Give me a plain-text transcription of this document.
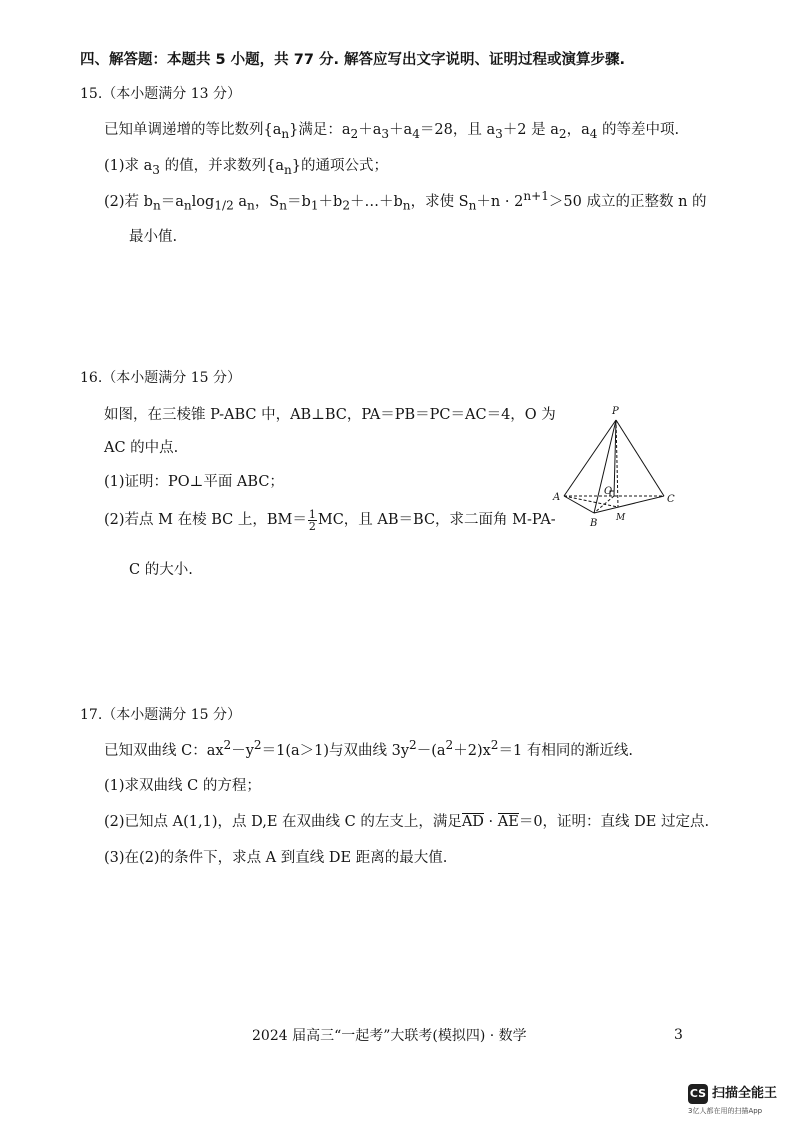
四、解答题：本题共 5 小题，共 77 分. 解答应写出文字说明、证明过程或演算步骤.
15.（本小题满分 13 分）
已知单调递增的等比数列$\{a_n\}$满足：$a_2+a_3+a_4=28$，且 $a_3+2$ 是 $a_2$，$a_4$ 的等差中项.
(1)求 $a_3$ 的值，并求数列$\{a_n\}$的通项公式；
(2)若 $b_n=a_n\log_{1/2}$ $a_n$，$S_n=b_1+b_2+\dots+b_n$，求使 $S_n+n \cdot 2^{n+1}>50$ 成立的正整数 n 的
最小值.
16.（本小题满分 15 分）
如图，在三棱锥 P-ABC 中，AB⊥BC，PA＝PB＝PC＝AC＝4，O 为
AC 的中点.
(1)证明：PO⊥平面 ABC；
(2)若点 M 在棱 BC 上，$BM= \frac{1}{2}$ MC，且 AB＝BC，求二面角 M-PA-
C 的大小.
P
A
B
C
O
M
17.（本小题满分 15 分）
已知双曲线 C：$ax^2-y^2=1(a>1)$与双曲线 $3y^2-(a^2+2)x^2=1$ 有相同的渐近线.
(1)求双曲线 C 的方程；
(2)已知点 A(1,1)，点 D,E 在双曲线 C 的左支上，满足AD · AE＝0，证明：直线 DE 过定点.
(3)在(2)的条件下，求点 A 到直线 DE 距离的最大值.
2024 届高三“一起考”大联考(模拟四) · 数学	3
CS 扫描全能王
3亿人都在用的扫描App
